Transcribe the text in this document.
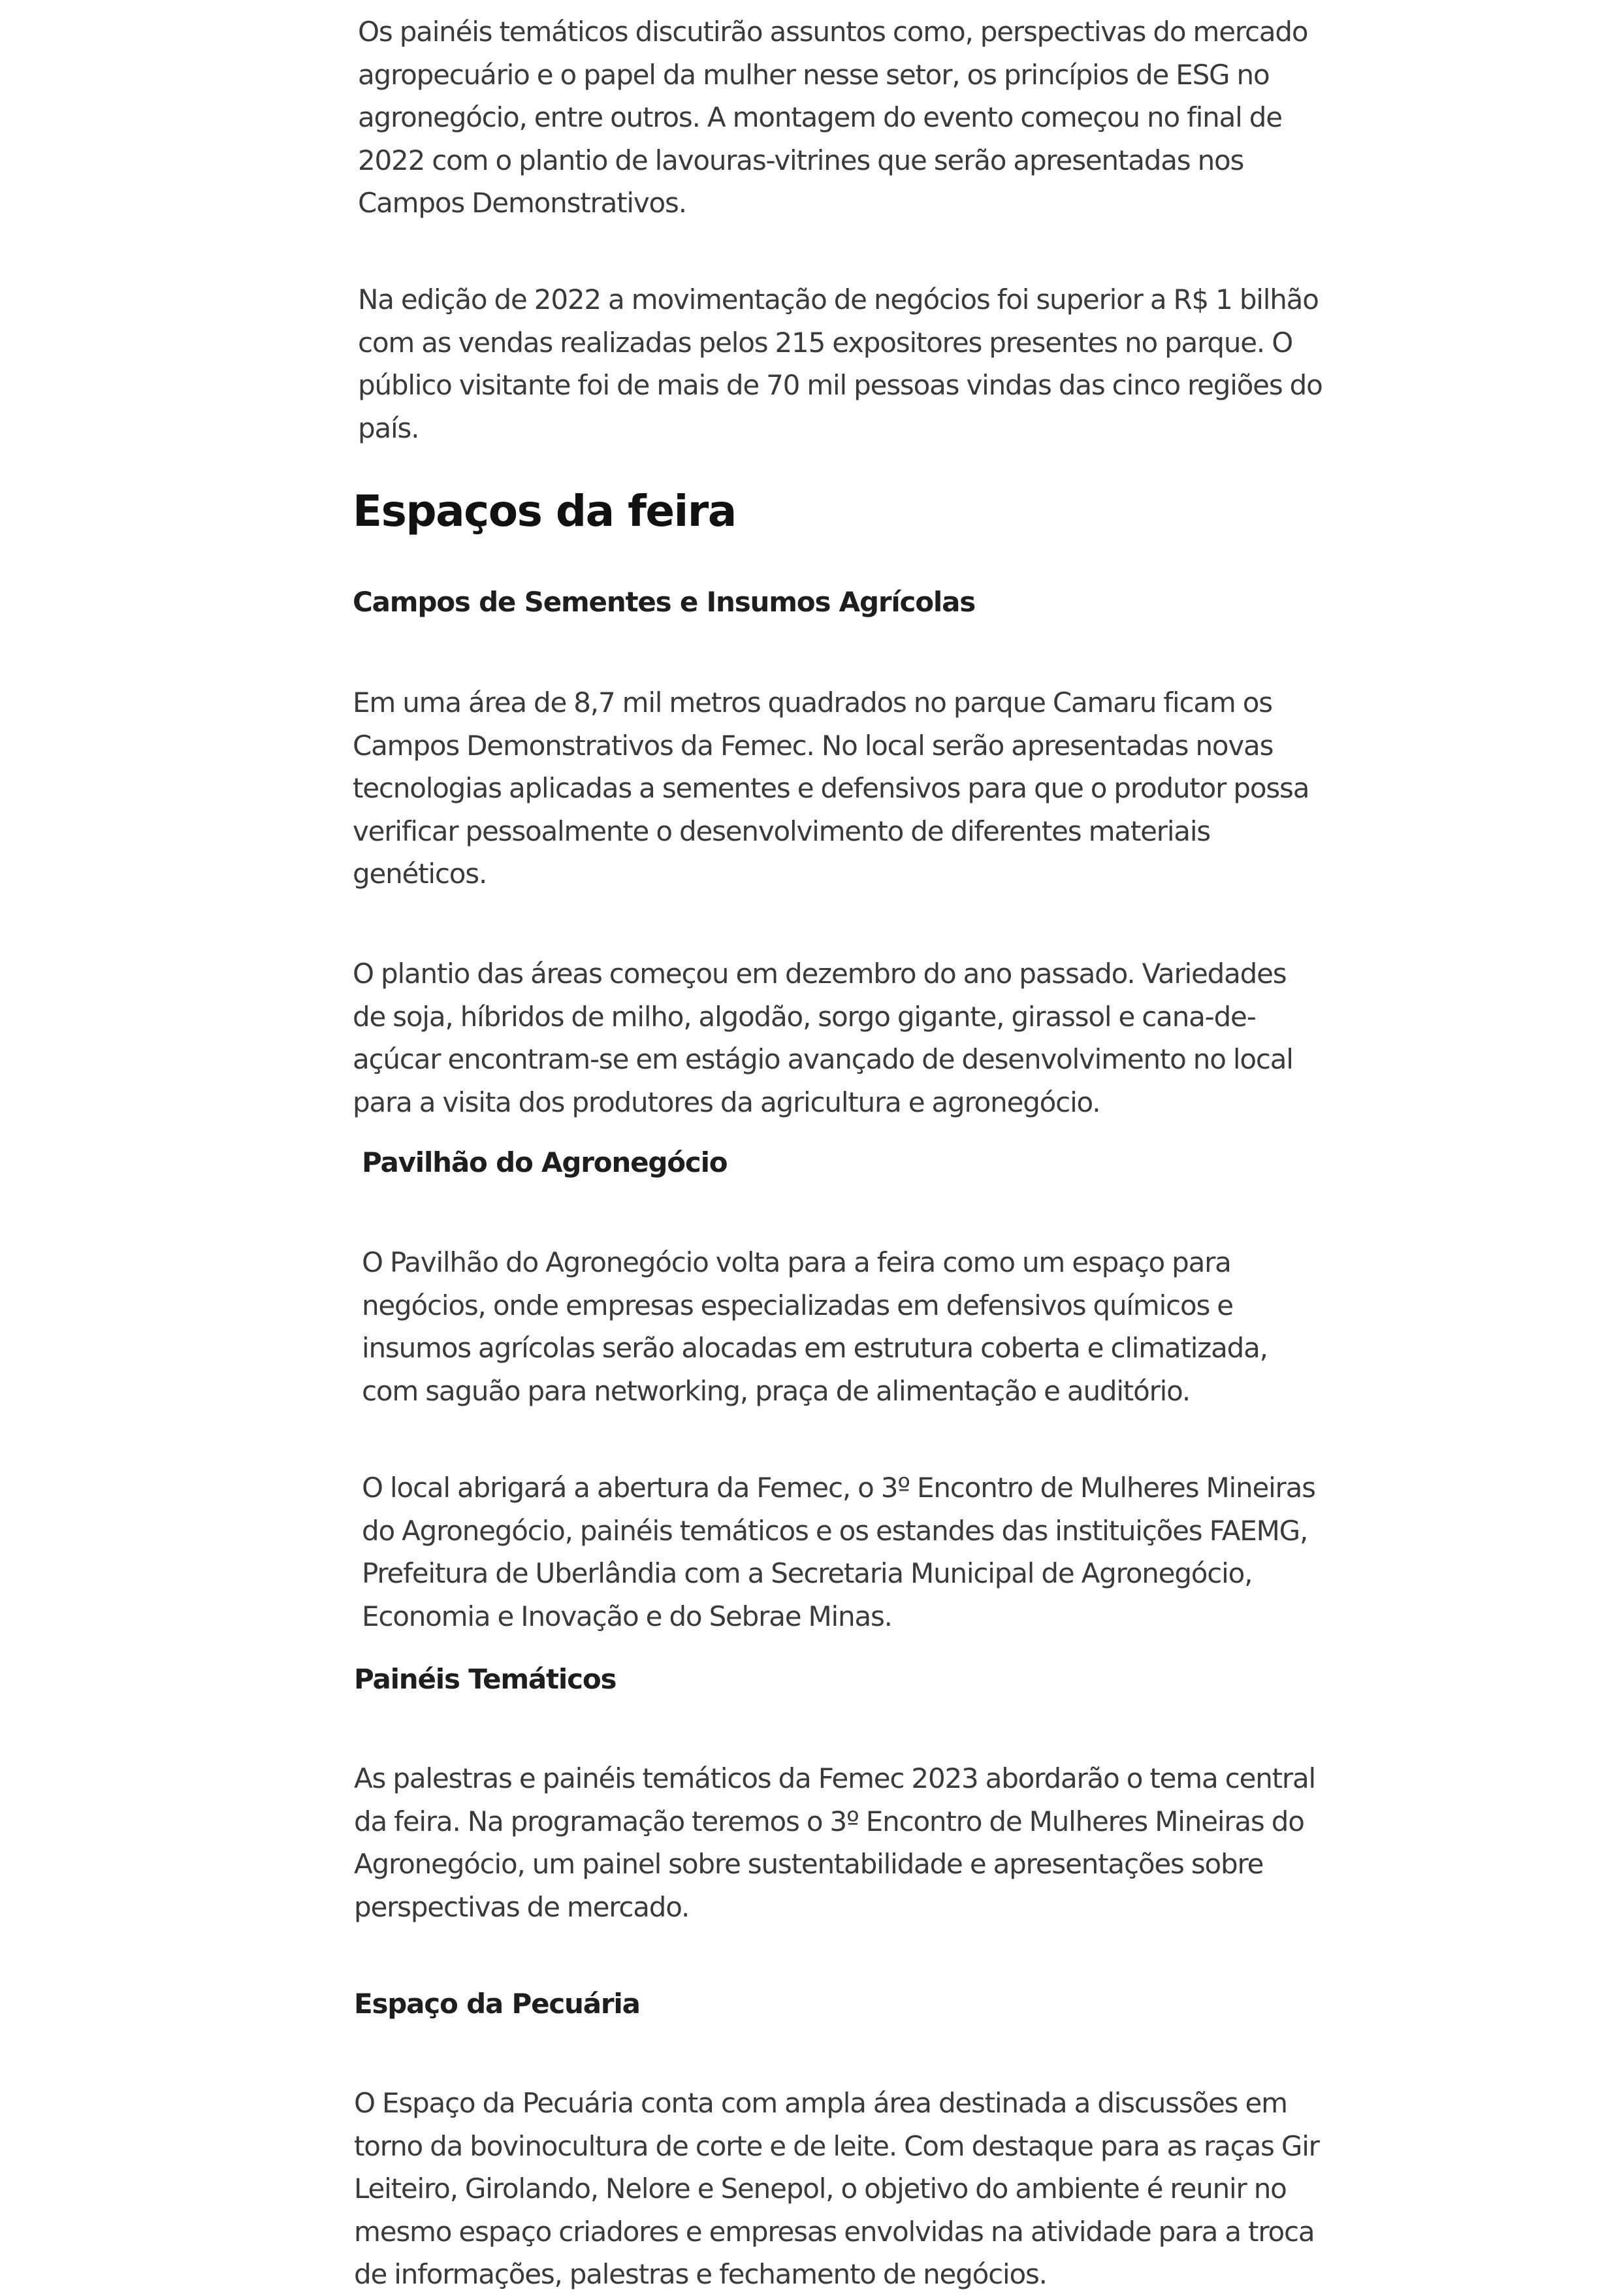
Os painéis temáticos discutirão assuntos como, perspectivas do mercado
agropecuário e o papel da mulher nesse setor, os princípios de ESG no
agronegócio, entre outros. A montagem do evento começou no final de
2022 com o plantio de lavouras-vitrines que serão apresentadas nos
Campos Demonstrativos.

Na edição de 2022 a movimentação de negócios foi superior a R$ 1 bilhão
com as vendas realizadas pelos 215 expositores presentes no parque. O
público visitante foi de mais de 70 mil pessoas vindas das cinco regiões do
país.

Espaços da feira
Campos de Sementes e Insumos Agrícolas

Em uma área de 8,7 mil metros quadrados no parque Camaru ficam os
Campos Demonstrativos da Femec. No local serão apresentadas novas
tecnologias aplicadas a sementes e defensivos para que o produtor possa
verificar pessoalmente o desenvolvimento de diferentes materiais
genéticos.

O plantio das áreas começou em dezembro do ano passado. Variedades
de soja, híbridos de milho, algodão, sorgo gigante, girassol e cana-de-
açúcar encontram-se em estágio avançado de desenvolvimento no local
para a visita dos produtores da agricultura e agronegócio.

Pavilhão do Agronegócio

O Pavilhão do Agronegócio volta para a feira como um espaço para
negócios, onde empresas especializadas em defensivos químicos e
insumos agrícolas serão alocadas em estrutura coberta e climatizada,
com saguão para networking, praça de alimentação e auditório.

O local abrigará a abertura da Femec, o 3º Encontro de Mulheres Mineiras
do Agronegócio, painéis temáticos e os estandes das instituições FAEMG,
Prefeitura de Uberlândia com a Secretaria Municipal de Agronegócio,
Economia e Inovação e do Sebrae Minas.

Painéis Temáticos

As palestras e painéis temáticos da Femec 2023 abordarão o tema central
da feira. Na programação teremos o 3º Encontro de Mulheres Mineiras do
Agronegócio, um painel sobre sustentabilidade e apresentações sobre
perspectivas de mercado.

Espaço da Pecuária

O Espaço da Pecuária conta com ampla área destinada a discussões em
torno da bovinocultura de corte e de leite. Com destaque para as raças Gir
Leiteiro, Girolando, Nelore e Senepol, o objetivo do ambiente é reunir no
mesmo espaço criadores e empresas envolvidas na atividade para a troca
de informações, palestras e fechamento de negócios.
